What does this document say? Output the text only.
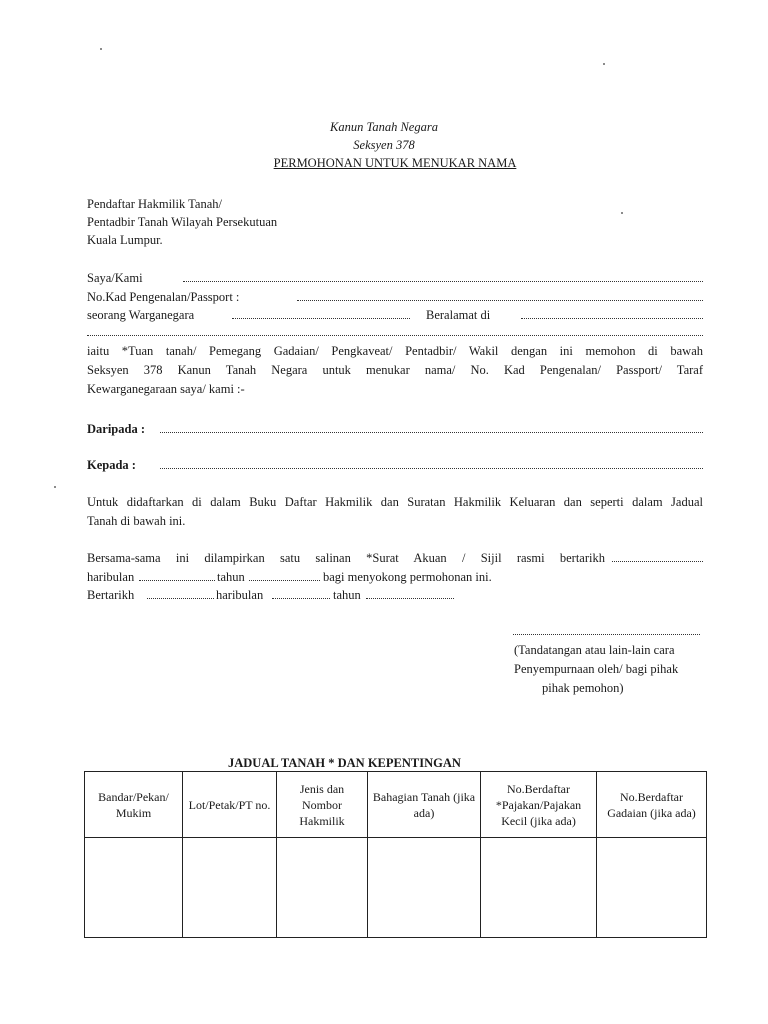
Kanun Tanah Negara
Seksyen 378
PERMOHONAN UNTUK MENUKAR NAMA
Pendaftar Hakmilik Tanah/
Pentadbir Tanah Wilayah Persekutuan
Kuala Lumpur.
Saya/Kami
No.Kad Pengenalan/Passport :
seorang Warganegara	Beralamat di
iaitu *Tuan tanah/ Pemegang Gadaian/ Pengkaveat/ Pentadbir/ Wakil dengan ini memohon di bawah
Seksyen 378 Kanun Tanah Negara untuk menukar nama/ No. Kad Pengenalan/ Passport/ Taraf
Kewarganegaraan saya/ kami :-
Daripada :
Kepada :
Untuk didaftarkan di dalam Buku Daftar Hakmilik dan Suratan Hakmilik Keluaran dan seperti dalam Jadual
Tanah di bawah ini.
Bersama-sama ini dilampirkan satu salinan *Surat Akuan / Sijil rasmi bertarikh
haribulan	tahun	bagi menyokong permohonan ini.
Bertarikh	haribulan	tahun
(Tandatangan atau lain-lain cara
Penyempurnaan oleh/ bagi pihak
pihak pemohon)
JADUAL TANAH * DAN KEPENTINGAN
Bandar/Pekan/ Mukim	Lot/Petak/PT no.	Jenis dan Nombor Hakmilik	Bahagian Tanah (jika ada)	No.Berdaftar *Pajakan/Pajakan Kecil (jika ada)	No.Berdaftar Gadaian (jika ada)
